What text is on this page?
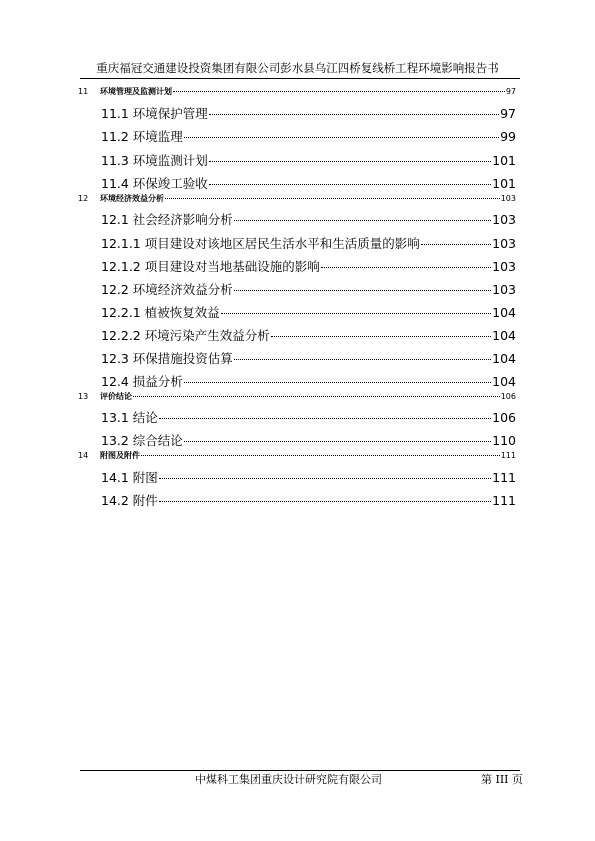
重庆福冠交通建设投资集团有限公司彭水县乌江四桥复线桥工程环境影响报告书
11 环境管理及监测计划	97
11.1 环境保护管理	97
11.2 环境监理	99
11.3 环境监测计划	101
11.4 环保竣工验收	101
12 环境经济效益分析	103
12.1 社会经济影响分析	103
12.1.1 项目建设对该地区居民生活水平和生活质量的影响	103
12.1.2 项目建设对当地基础设施的影响	103
12.2 环境经济效益分析	103
12.2.1 植被恢复效益	104
12.2.2 环境污染产生效益分析	104
12.3 环保措施投资估算	104
12.4 损益分析	104
13 评价结论	106
13.1 结论	106
13.2 综合结论	110
14 附图及附件	111
14.1 附图	111
14.2 附件	111
中煤科工集团重庆设计研究院有限公司	第 III 页
